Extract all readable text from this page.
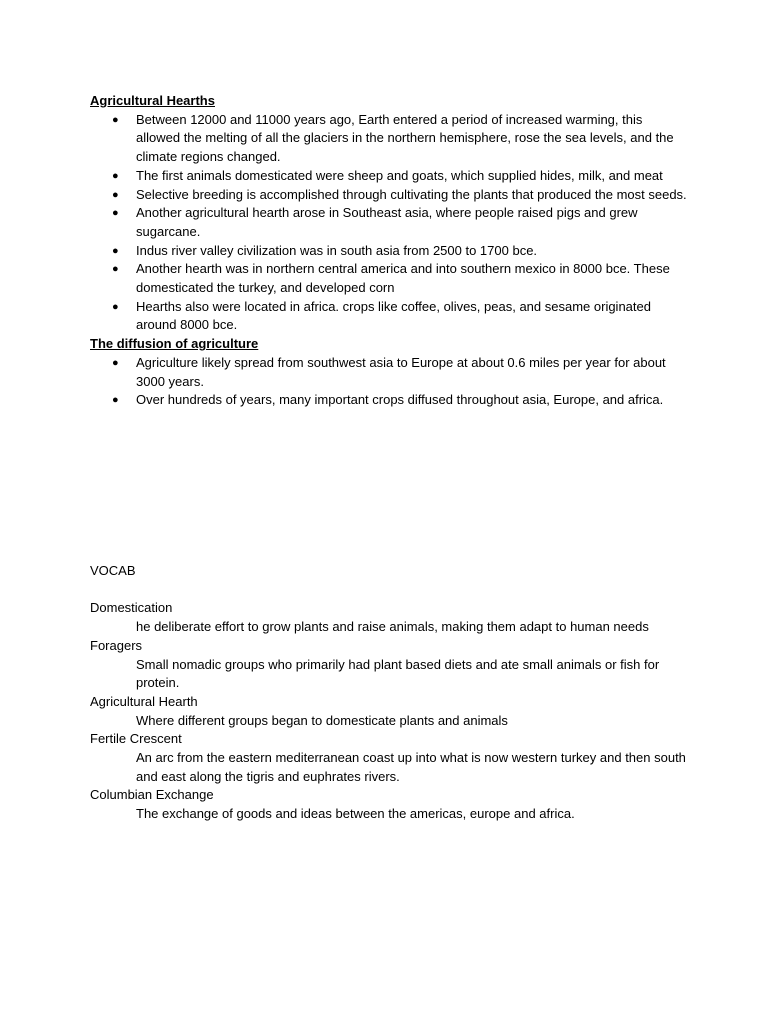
Agricultural Hearths

● Between 12000 and 11000 years ago, Earth entered a period of increased warming, this allowed the melting of all the glaciers in the northern hemisphere, rose the sea levels, and the climate regions changed.
● The first animals domesticated were sheep and goats, which supplied hides, milk, and meat
● Selective breeding is accomplished through cultivating the plants that produced the most seeds.
● Another agricultural hearth arose in Southeast asia, where people raised pigs and grew sugarcane.
● Indus river valley civilization was in south asia from 2500 to 1700 bce.
● Another hearth was in northern central america and into southern mexico in 8000 bce. These domesticated the turkey, and developed corn
● Hearths also were located in africa. crops like coffee, olives, peas, and sesame originated around 8000 bce.

The diffusion of agriculture

● Agriculture likely spread from southwest asia to Europe at about 0.6 miles per year for about 3000 years.
● Over hundreds of years, many important crops diffused throughout asia, Europe, and africa.

VOCAB

Domestication

he deliberate effort to grow plants and raise animals, making them adapt to human needs

Foragers

Small nomadic groups who primarily had plant based diets and ate small animals or fish for protein.

Agricultural Hearth

Where different groups began to domesticate plants and animals

Fertile Crescent

An arc from the eastern mediterranean coast up into what is now western turkey and then south and east along the tigris and euphrates rivers.

Columbian Exchange

The exchange of goods and ideas between the americas, europe and africa.
